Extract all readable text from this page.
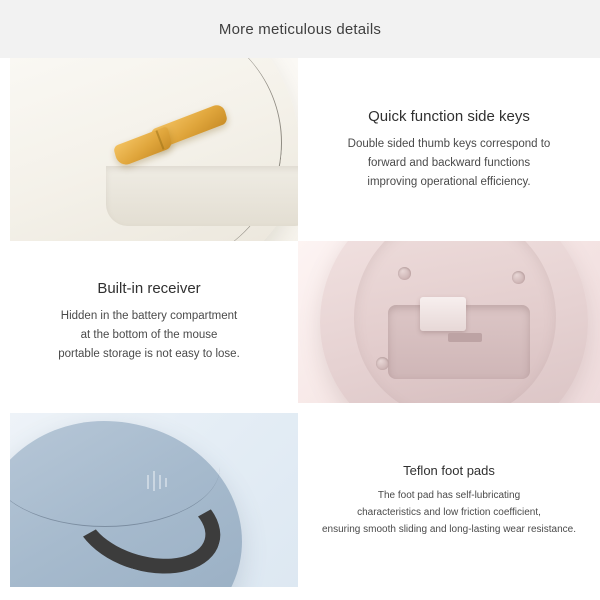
More meticulous details
Quick function side keys
Double sided thumb keys correspond to
forward and backward functions
improving operational efficiency.
Built-in receiver
Hidden in the battery compartment
at the bottom of the mouse
portable storage is not easy to lose.
Teflon foot pads
The foot pad has self-lubricating
characteristics and low friction coefficient,
ensuring smooth sliding and long-lasting wear resistance.
